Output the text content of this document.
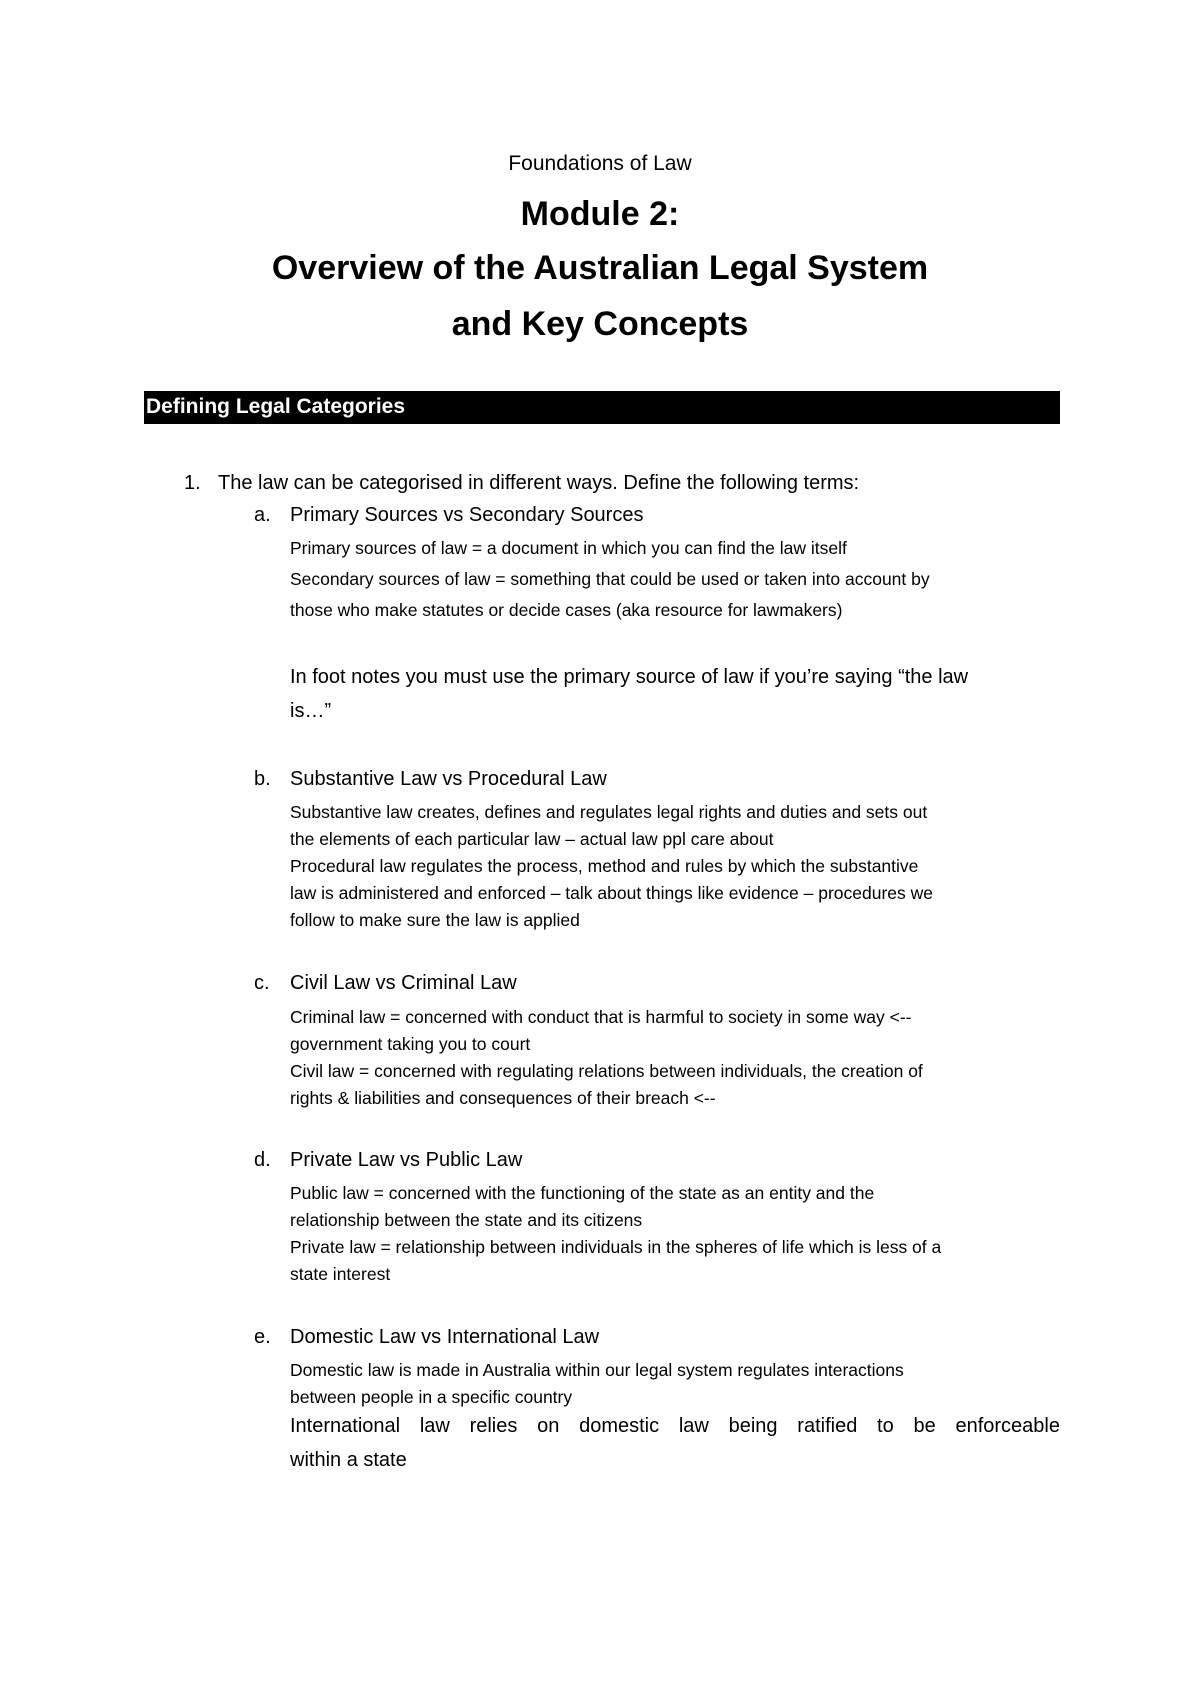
Foundations of Law
Module 2:
Overview of the Australian Legal System
and Key Concepts
Defining Legal Categories
1. The law can be categorised in different ways. Define the following terms:
a. Primary Sources vs Secondary Sources
Primary sources of law = a document in which you can find the law itself
Secondary sources of law = something that could be used or taken into account by
those who make statutes or decide cases (aka resource for lawmakers)
In foot notes you must use the primary source of law if you’re saying “the law
is…”
b. Substantive Law vs Procedural Law
Substantive law creates, defines and regulates legal rights and duties and sets out
the elements of each particular law – actual law ppl care about
Procedural law regulates the process, method and rules by which the substantive
law is administered and enforced – talk about things like evidence – procedures we
follow to make sure the law is applied
c. Civil Law vs Criminal Law
Criminal law = concerned with conduct that is harmful to society in some way <--
government taking you to court
Civil law = concerned with regulating relations between individuals, the creation of
rights & liabilities and consequences of their breach <--
d. Private Law vs Public Law
Public law = concerned with the functioning of the state as an entity and the
relationship between the state and its citizens
Private law = relationship between individuals in the spheres of life which is less of a
state interest
e. Domestic Law vs International Law
Domestic law is made in Australia within our legal system regulates interactions
between people in a specific country
International law relies on domestic law being ratified to be enforceable
within a state
